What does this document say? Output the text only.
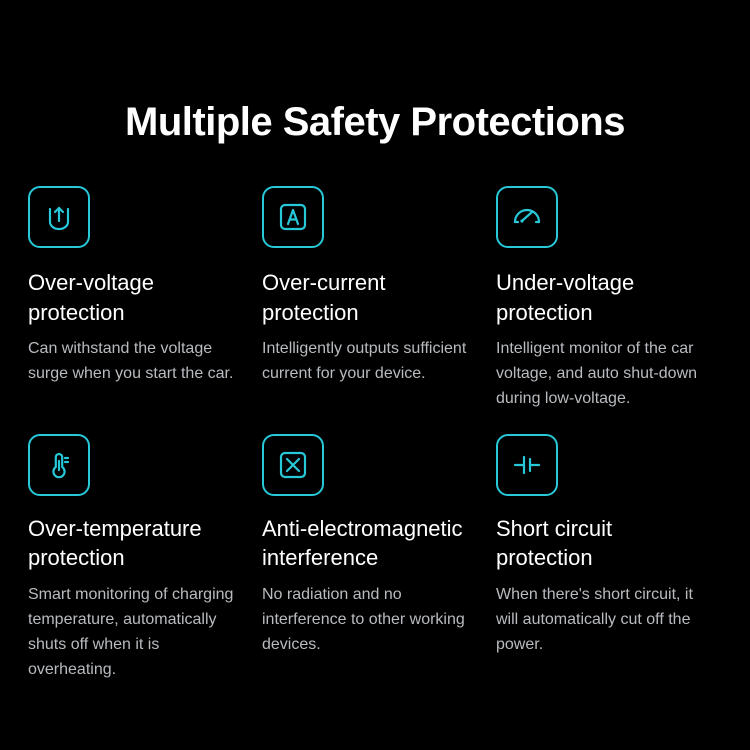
Multiple Safety Protections
Over-voltage protection
Can withstand the voltage surge when you start the car.
Over-current protection
Intelligently outputs sufficient current for your device.
Under-voltage protection
Intelligent monitor of the car voltage, and auto shut-down during low-voltage.
Over-temperature protection
Smart monitoring of charging temperature, automatically shuts off when it is overheating.
Anti-electromagnetic interference
No radiation and no interference to other working devices.
Short circuit protection
When there's short circuit, it will automatically cut off the power.
